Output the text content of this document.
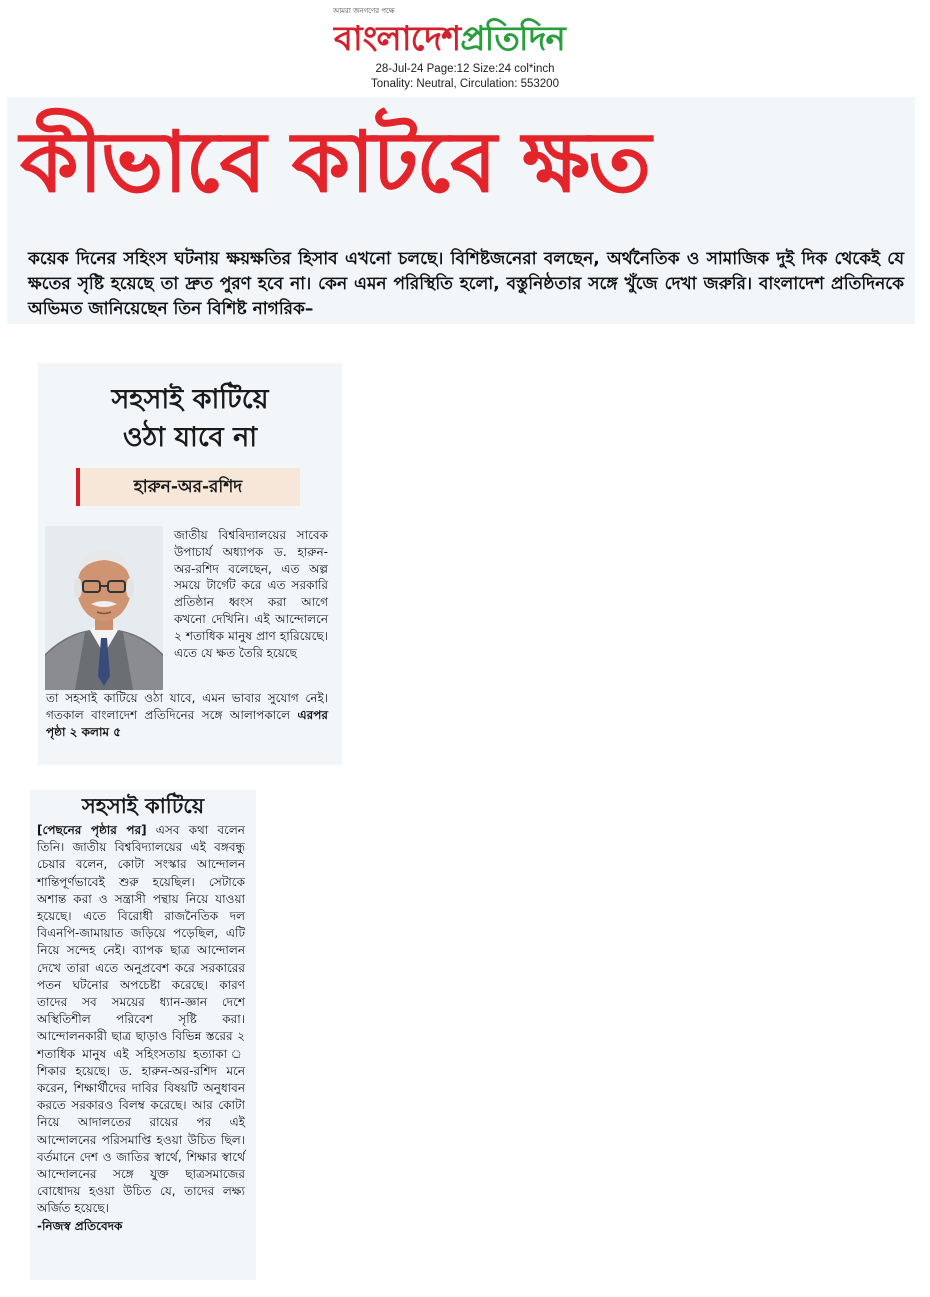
আমরা জনগণের পক্ষে
বাংলাদেশপ্রতিদিন
28-Jul-24 Page:12 Size:24 col*inch
Tonality: Neutral, Circulation: 553200
কীভাবে কাটবে ক্ষত
কয়েক দিনের সহিংস ঘটনায় ক্ষয়ক্ষতির হিসাব এখনো চলছে। বিশিষ্টজনেরা বলছেন, অর্থনৈতিক ও সামাজিক দুই দিক থেকেই যে ক্ষতের সৃষ্টি হয়েছে তা দ্রুত পুরণ হবে না। কেন এমন পরিস্থিতি হলো, বস্তুনিষ্ঠতার সঙ্গে খুঁজে দেখা জরুরি। বাংলাদেশ প্রতিদিনকে অভিমত জানিয়েছেন তিন বিশিষ্ট নাগরিক–
সহসাই কাটিয়ে
ওঠা যাবে না
হারুন-অর-রশিদ
জাতীয় বিশ্ববিদ্যালয়ের সাবেক উপাচার্য অধ্যাপক ড. হারুন-অর-রশিদ বলেছেন, এত অল্প সময়ে টার্গেট করে এত সরকারি প্রতিষ্ঠান ধ্বংস করা আগে কখনো দেখিনি। এই আন্দোলনে ২ শতাধিক মানুষ প্রাণ হারিয়েছে। এতে যে ক্ষত তৈরি হয়েছে
তা সহসাই কাটিয়ে ওঠা যাবে, এমন ভাবার সুযোগ নেই। গতকাল বাংলাদেশ প্রতিদিনের সঙ্গে আলাপকালে এরপর পৃষ্ঠা ২ কলাম ৫
সহসাই কাটিয়ে
[পেছনের পৃষ্ঠার পর] এসব কথা বলেন তিনি। জাতীয় বিশ্ববিদ্যালয়ের এই বঙ্গবন্ধু চেয়ার বলেন, কোটা সংস্কার আন্দোলন শান্তিপূর্ণভাবেই শুরু হয়েছিল। সেটাকে অশান্ত করা ও সন্ত্রাসী পন্থায় নিয়ে যাওয়া হয়েছে। এতে বিরোধী রাজনৈতিক দল বিএনপি-জামায়াত জড়িয়ে পড়েছিল, এটি নিয়ে সন্দেহ নেই। ব্যাপক ছাত্র আন্দোলন দেখে তারা এতে অনুপ্রবেশ করে সরকারের পতন ঘটনোর অপচেষ্টা করেছে। কারণ তাদের সব সময়ের ধ্যান-জ্ঞান দেশে অস্থিতিশীল পরিবেশ সৃষ্টি করা। আন্দোলনকারী ছাত্র ছাড়াও বিভিন্ন স্তরের ২ শতাধিক মানুষ এই সহিংসতায় হত্যাকা ্র শিকার হয়েছে। ড. হারুন-অর-রশিদ মনে করেন, শিক্ষার্থীদের দাবির বিষয়টি অনুধাবন করতে সরকারও বিলম্ব করেছে। আর কোটা নিয়ে আদালতের রায়ের পর এই আন্দোলনের পরিসমাপ্তি হওয়া উচিত ছিল। বর্তমানে দেশ ও জাতির স্বার্থে, শিক্ষার স্বার্থে আন্দোলনের সঙ্গে যুক্ত ছাত্রসমাজের বোধোদয় হওয়া উচিত যে, তাদের লক্ষ্য অর্জিত হয়েছে।
-নিজস্ব প্রতিবেদক
